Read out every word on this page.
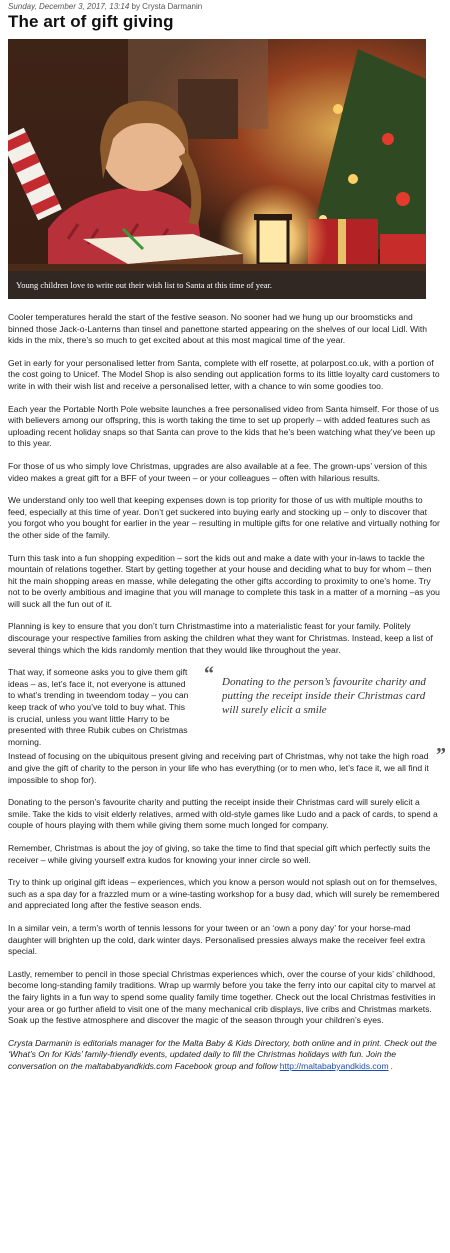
Sunday, December 3, 2017, 13:14 by Crysta Darmanin
The art of gift giving
Young children love to write out their wish list to Santa at this time of year.

Cooler temperatures herald the start of the festive season. No sooner had we hung up our broomsticks and binned those Jack-o-Lanterns than tinsel and panettone started appearing on the shelves of our local Lidl. With kids in the mix, there’s so much to get excited about at this most magical time of the year.

Get in early for your personalised letter from Santa, complete with elf rosette, at polarpost.co.uk, with a portion of the cost going to Unicef. The Model Shop is also sending out application forms to its little loyalty card customers to write in with their wish list and receive a personalised letter, with a chance to win some goodies too.

Each year the Portable North Pole website launches a free personalised video from Santa himself. For those of us with believers among our offspring, this is worth taking the time to set up properly – with added features such as uploading recent holiday snaps so that Santa can prove to the kids that he’s been watching what they’ve been up to this year.

For those of us who simply love Christmas, upgrades are also available at a fee. The grown-ups’ version of this video makes a great gift for a BFF of your tween – or your colleagues – often with hilarious results.

We understand only too well that keeping expenses down is top priority for those of us with multiple mouths to feed, especially at this time of year. Don’t get suckered into buying early and stocking up – only to discover that you forgot who you bought for earlier in the year – resulting in multiple gifts for one relative and virtually nothing for the other side of the family.

Turn this task into a fun shopping expedition – sort the kids out and make a date with your in-laws to tackle the mountain of relations together. Start by getting together at your house and deciding what to buy for whom – then hit the main shopping areas en masse, while delegating the other gifts according to proximity to one’s home. Try not to be overly ambitious and imagine that you will manage to complete this task in a matter of a morning –as you will suck all the fun out of it.

Planning is key to ensure that you don’t turn Christmastime into a materialistic feast for your family. Politely discourage your respective families from asking the children what they want for Christmas. Instead, keep a list of several things which the kids randomly mention that they would like throughout the year.

That way, if someone asks you to give them gift ideas – as, let’s face it, not everyone is attuned to what’s trending in tweendom today – you can keep track of who you’ve told to buy what. This is crucial, unless you want little Harry to be presented with three Rubik cubes on Christmas morning.
“ Donating to the person’s favourite charity and putting the receipt inside their Christmas card will surely elicit a smile
”

Instead of focusing on the ubiquitous present giving and receiving part of Christmas, why not take the high road and give the gift of charity to the person in your life who has everything (or to men who, let’s face it, we all find it impossible to shop for).

Donating to the person’s favourite charity and putting the receipt inside their Christmas card will surely elicit a smile. Take the kids to visit elderly relatives, armed with old-style games like Ludo and a pack of cards, to spend a couple of hours playing with them while giving them some much longed for company.

Remember, Christmas is about the joy of giving, so take the time to find that special gift which perfectly suits the receiver – while giving yourself extra kudos for knowing your inner circle so well.

Try to think up original gift ideas – experiences, which you know a person would not splash out on for themselves, such as a spa day for a frazzled mum or a wine-tasting workshop for a busy dad, which will surely be remembered and appreciated long after the festive season ends.

In a similar vein, a term’s worth of tennis lessons for your tween or an ‘own a pony day’ for your horse-mad daughter will brighten up the cold, dark winter days. Personalised pressies always make the receiver feel extra special.

Lastly, remember to pencil in those special Christmas experiences which, over the course of your kids’ childhood, become long-standing family traditions. Wrap up warmly before you take the ferry into our capital city to marvel at the fairy lights in a fun way to spend some quality family time together. Check out the local Christmas festivities in your area or go further afield to visit one of the many mechanical crib displays, live cribs and Christmas markets. Soak up the festive atmosphere and discover the magic of the season through your children’s eyes.

Crysta Darmanin is editorials manager for the Malta Baby & Kids Directory, both online and in print. Check out the ‘What’s On for Kids’ family-friendly events, updated daily to fill the Christmas holidays with fun. Join the conversation on the maltababyandkids.com Facebook group and follow http://maltababyandkids.com .
